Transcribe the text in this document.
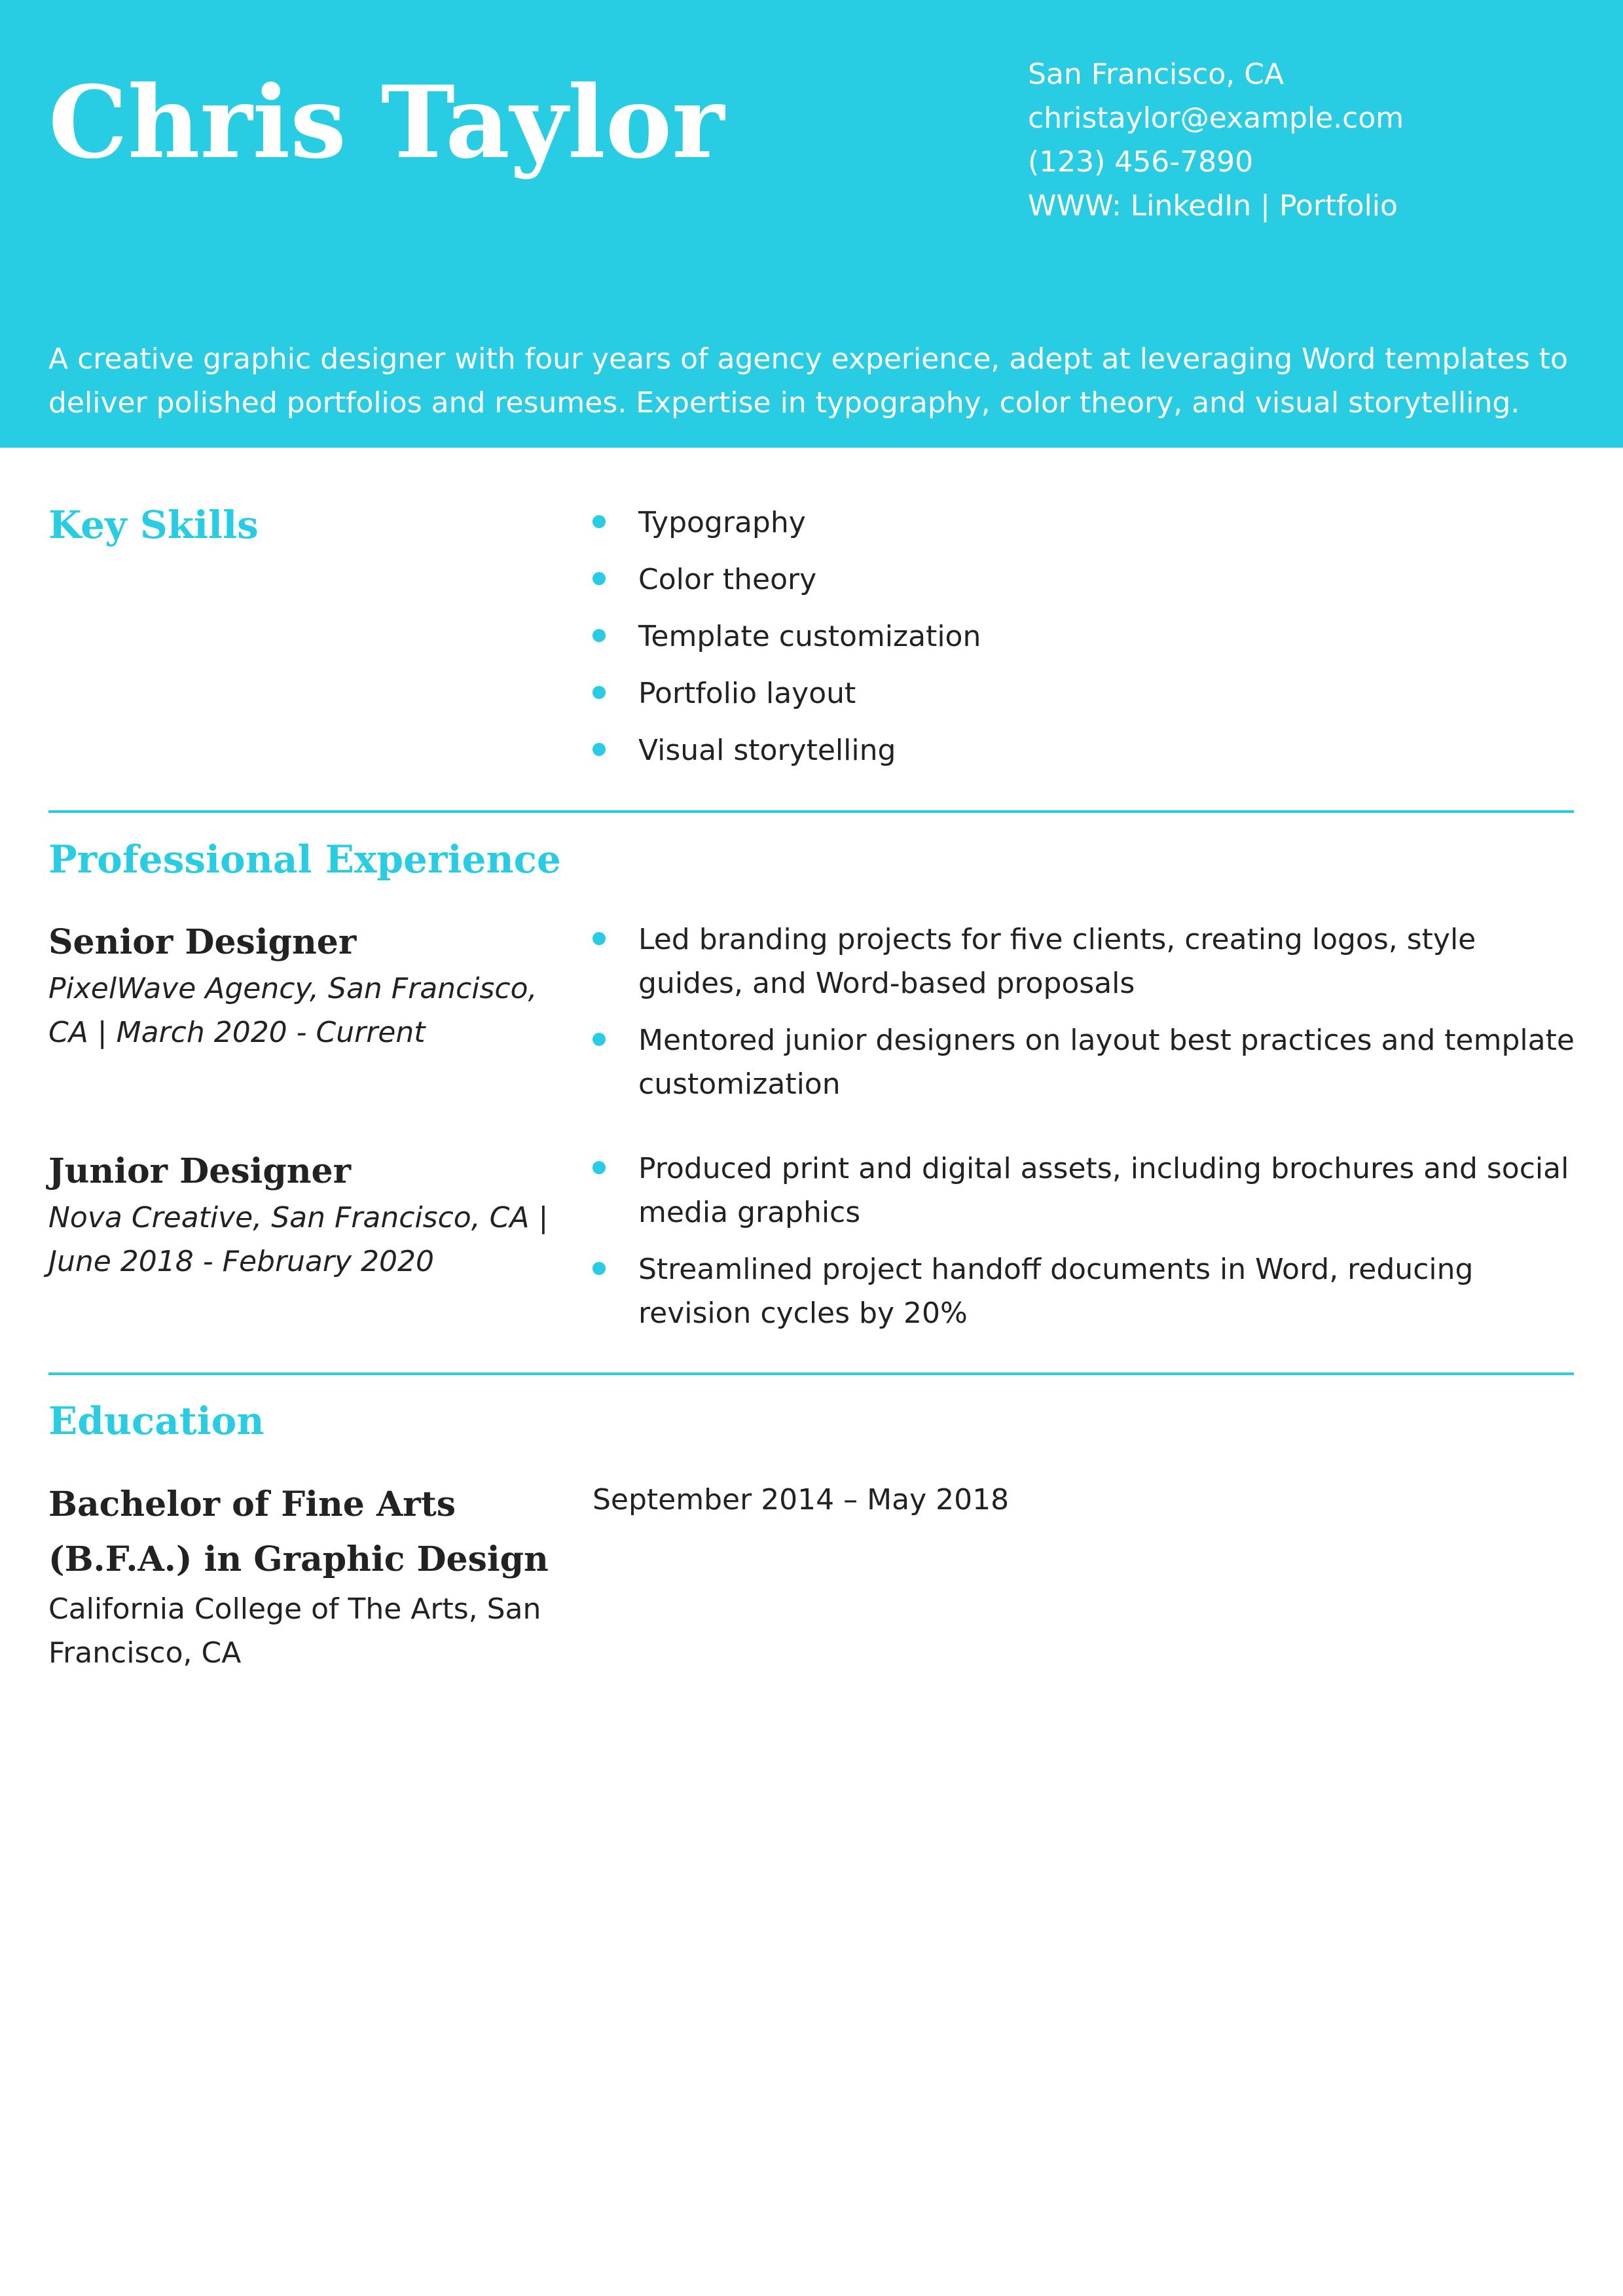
Chris Taylor	San Francisco, CA
christaylor@example.com
(123) 456-7890
WWW: LinkedIn | Portfolio
A creative graphic designer with four years of agency experience, adept at leveraging Word templates to deliver polished portfolios and resumes. Expertise in typography, color theory, and visual storytelling.
Key Skills	Typography
Color theory
Template customization
Portfolio layout
Visual storytelling
Professional Experience
Senior Designer
PixelWave Agency, San Francisco, CA | March 2020 - Current
Led branding projects for five clients, creating logos, style guides, and Word-based proposals
Mentored junior designers on layout best practices and template customization
Junior Designer
Nova Creative, San Francisco, CA | June 2018 - February 2020
Produced print and digital assets, including brochures and social media graphics
Streamlined project handoff documents in Word, reducing revision cycles by 20%
Education
Bachelor of Fine Arts (B.F.A.) in Graphic Design
California College of The Arts, San Francisco, CA
September 2014 – May 2018
